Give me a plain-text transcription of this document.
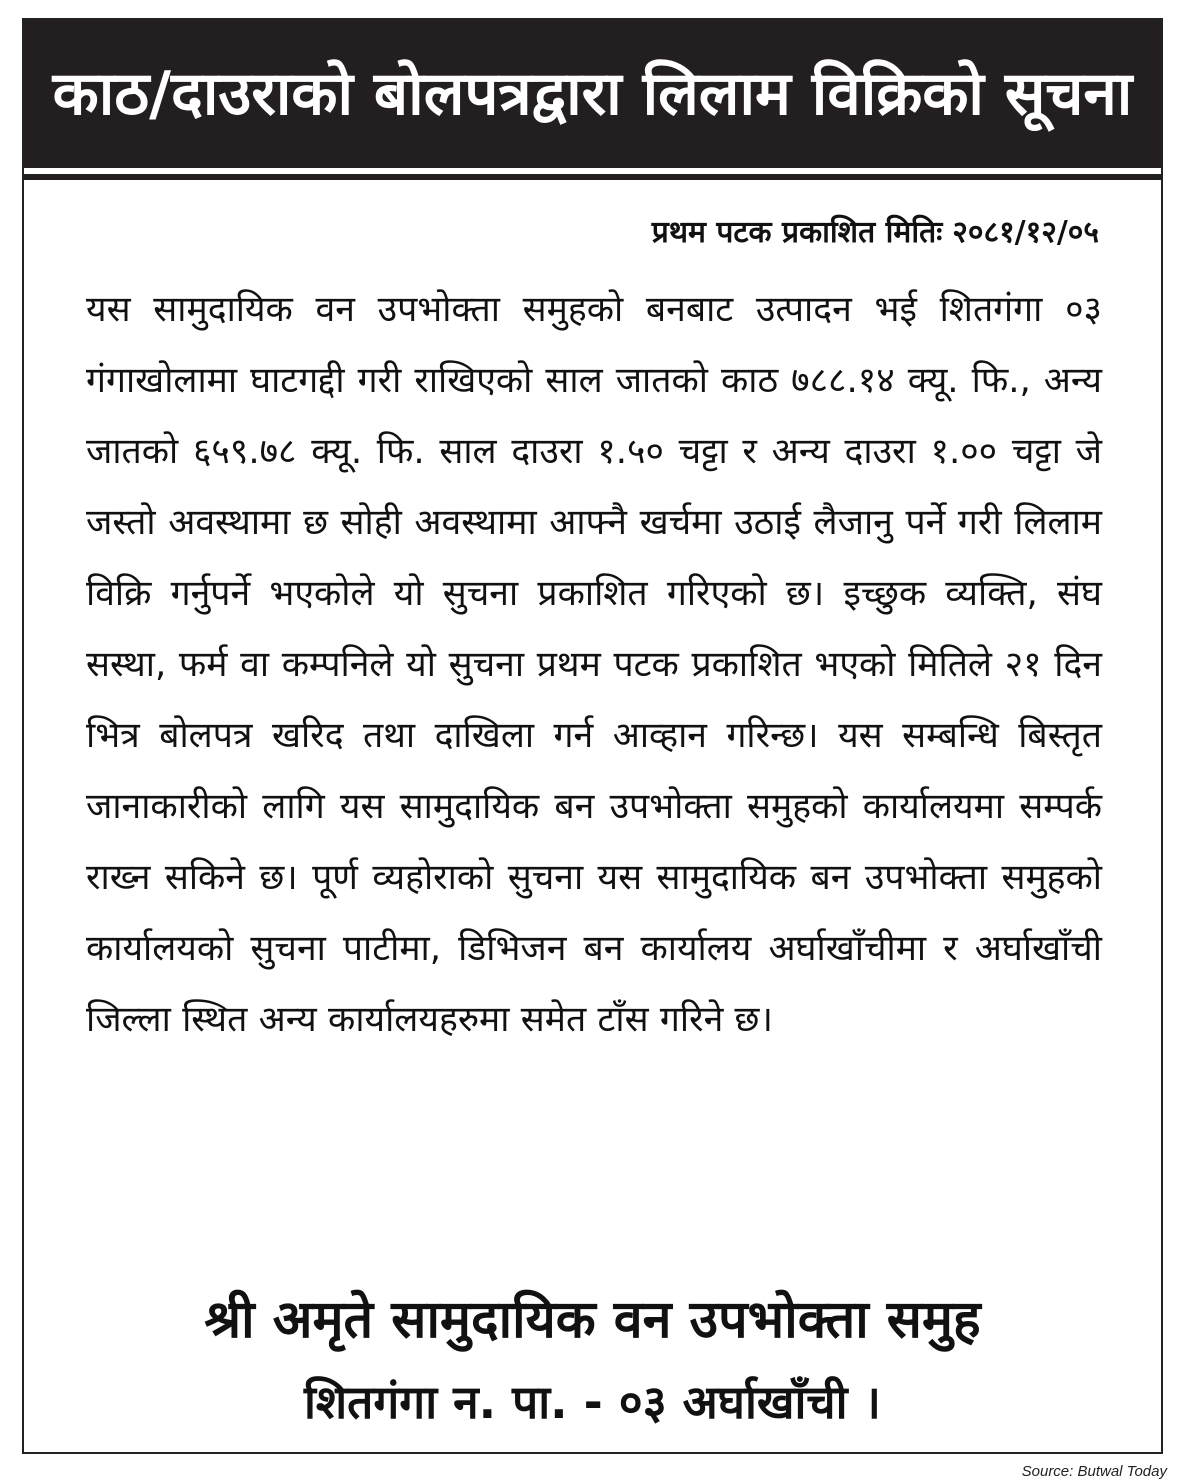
काठ/दाउराको बोलपत्रद्वारा लिलाम विक्रिको सूचना
प्रथम पटक प्रकाशित मितिः २०८१/१२/०५
यस सामुदायिक वन उपभोक्ता समुहको बनबाट उत्पादन भई शितगंगा ०३ गंगाखोलामा घाटगद्दी गरी राखिएको साल जातको काठ ७८८.१४ क्यू. फि., अन्य जातको ६५९.७८ क्यू. फि. साल दाउरा १.५० चट्टा र अन्य दाउरा १.०० चट्टा जे जस्तो अवस्थामा छ सोही अवस्थामा आफ्नै खर्चमा उठाई लैजानु पर्ने गरी लिलाम विक्रि गर्नुपर्ने भएकोले यो सुचना प्रकाशित गरिएको छ। इच्छुक व्यक्ति, संघ सस्था, फर्म वा कम्पनिले यो सुचना प्रथम पटक प्रकाशित भएको मितिले २१ दिन भित्र बोलपत्र खरिद तथा दाखिला गर्न आव्हान गरिन्छ। यस सम्बन्धि बिस्तृत जानाकारीको लागि यस सामुदायिक बन उपभोक्ता समुहको कार्यालयमा सम्पर्क राख्न सकिने छ। पूर्ण व्यहोराको सुचना यस सामुदायिक बन उपभोक्ता समुहको कार्यालयको सुचना पाटीमा, डिभिजन बन कार्यालय अर्घाखाँचीमा र अर्घाखाँची जिल्ला स्थित अन्य कार्यालयहरुमा समेत टाँस गरिने छ।
श्री अमृते सामुदायिक वन उपभोक्ता समुह
शितगंगा न. पा. - ०३ अर्घाखाँची ।
Source: Butwal Today
